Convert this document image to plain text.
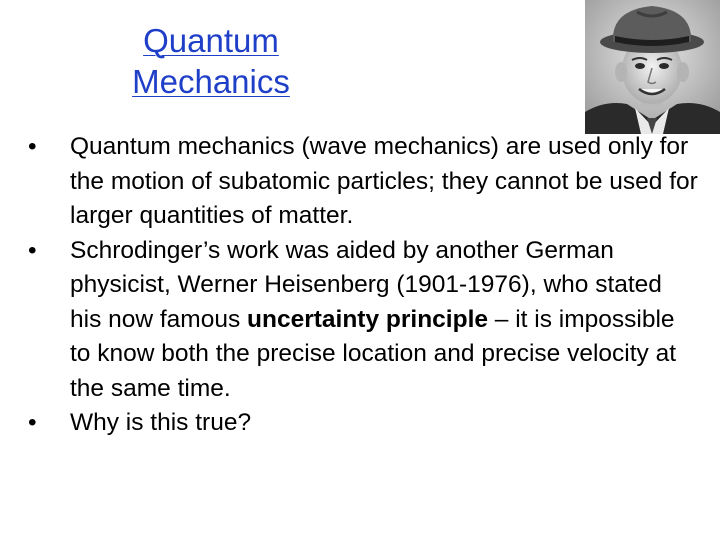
Quantum
Mechanics
• Quantum mechanics (wave mechanics) are used only for the motion of subatomic particles; they cannot be used for larger quantities of matter.
• Schrodinger’s work was aided by another German physicist, Werner Heisenberg (1901-1976), who stated his now famous uncertainty principle – it is impossible to know both the precise location and precise velocity at the same time.
• Why is this true?
